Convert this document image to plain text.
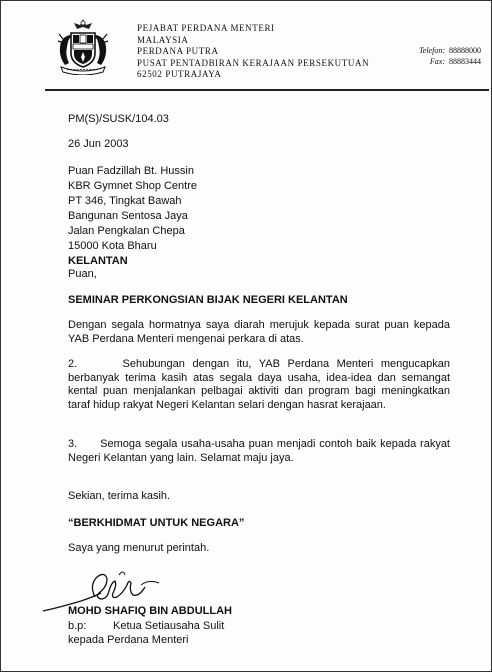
PEJABAT PERDANA MENTERI
MALAYSIA
PERDANA PUTRA
PUSAT PENTADBIRAN KERAJAAN PERSEKUTUAN
62502 PUTRAJAYA
Telefon: 88888000
Fax: 88883444
PM(S)/SUSK/104.03
26 Jun 2003
Puan Fadzillah Bt. Hussin
KBR Gymnet Shop Centre
PT 346, Tingkat Bawah
Bangunan Sentosa Jaya
Jalan Pengkalan Chepa
15000 Kota Bharu
KELANTAN
Puan,
SEMINAR PERKONGSIAN BIJAK NEGERI KELANTAN
Dengan segala hormatnya saya diarah merujuk kepada surat puan kepada YAB Perdana Menteri mengenai perkara di atas.
2.      Sehubungan dengan itu, YAB Perdana Menteri mengucapkan berbanyak terima kasih atas segala daya usaha, idea-idea dan semangat kental puan menjalankan pelbagai aktiviti dan program bagi meningkatkan taraf hidup rakyat Negeri Kelantan selari dengan hasrat kerajaan.
3.      Semoga segala usaha-usaha puan menjadi contoh baik kepada rakyat Negeri Kelantan yang lain. Selamat maju jaya.
Sekian, terima kasih.
“BERKHIDMAT UNTUK NEGARA”
Saya yang menurut perintah.
MOHD SHAFIQ BIN ABDULLAH
b.p: Ketua Setiausaha Sulit
kepada Perdana Menteri
